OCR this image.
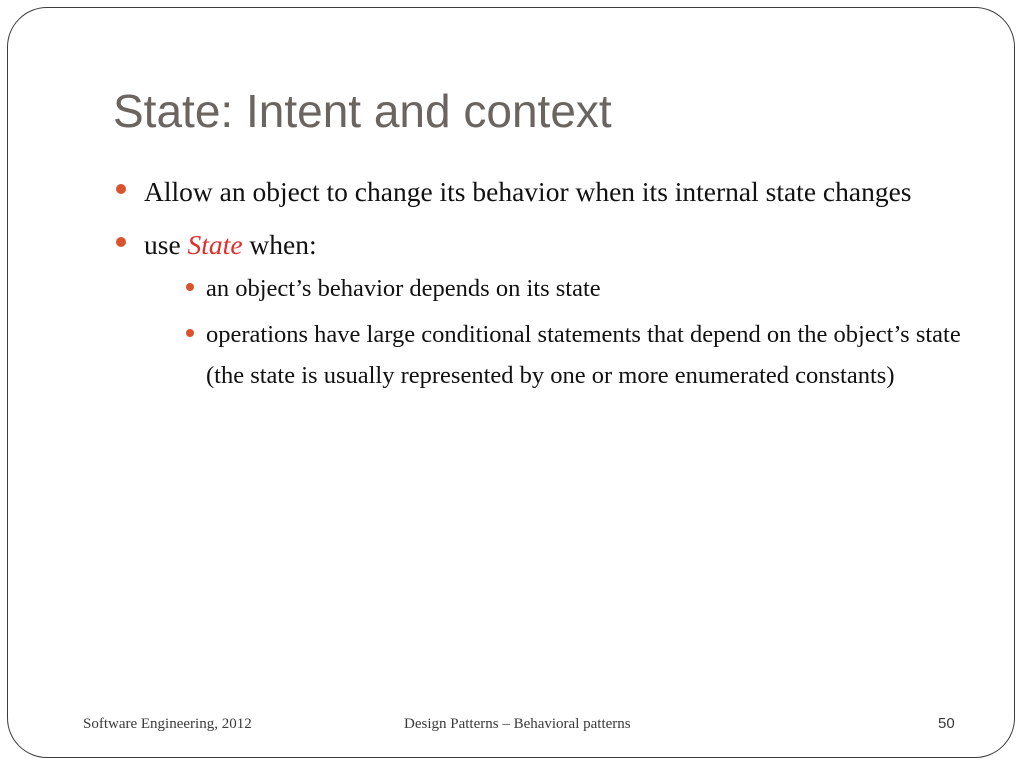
State: Intent and context
Allow an object to change its behavior when its internal state changes
use State when:
an object’s behavior depends on its state
operations have large conditional statements that depend on the object’s state (the state is usually represented by one or more enumerated constants)
Software Engineering, 2012	Design Patterns – Behavioral patterns	50
